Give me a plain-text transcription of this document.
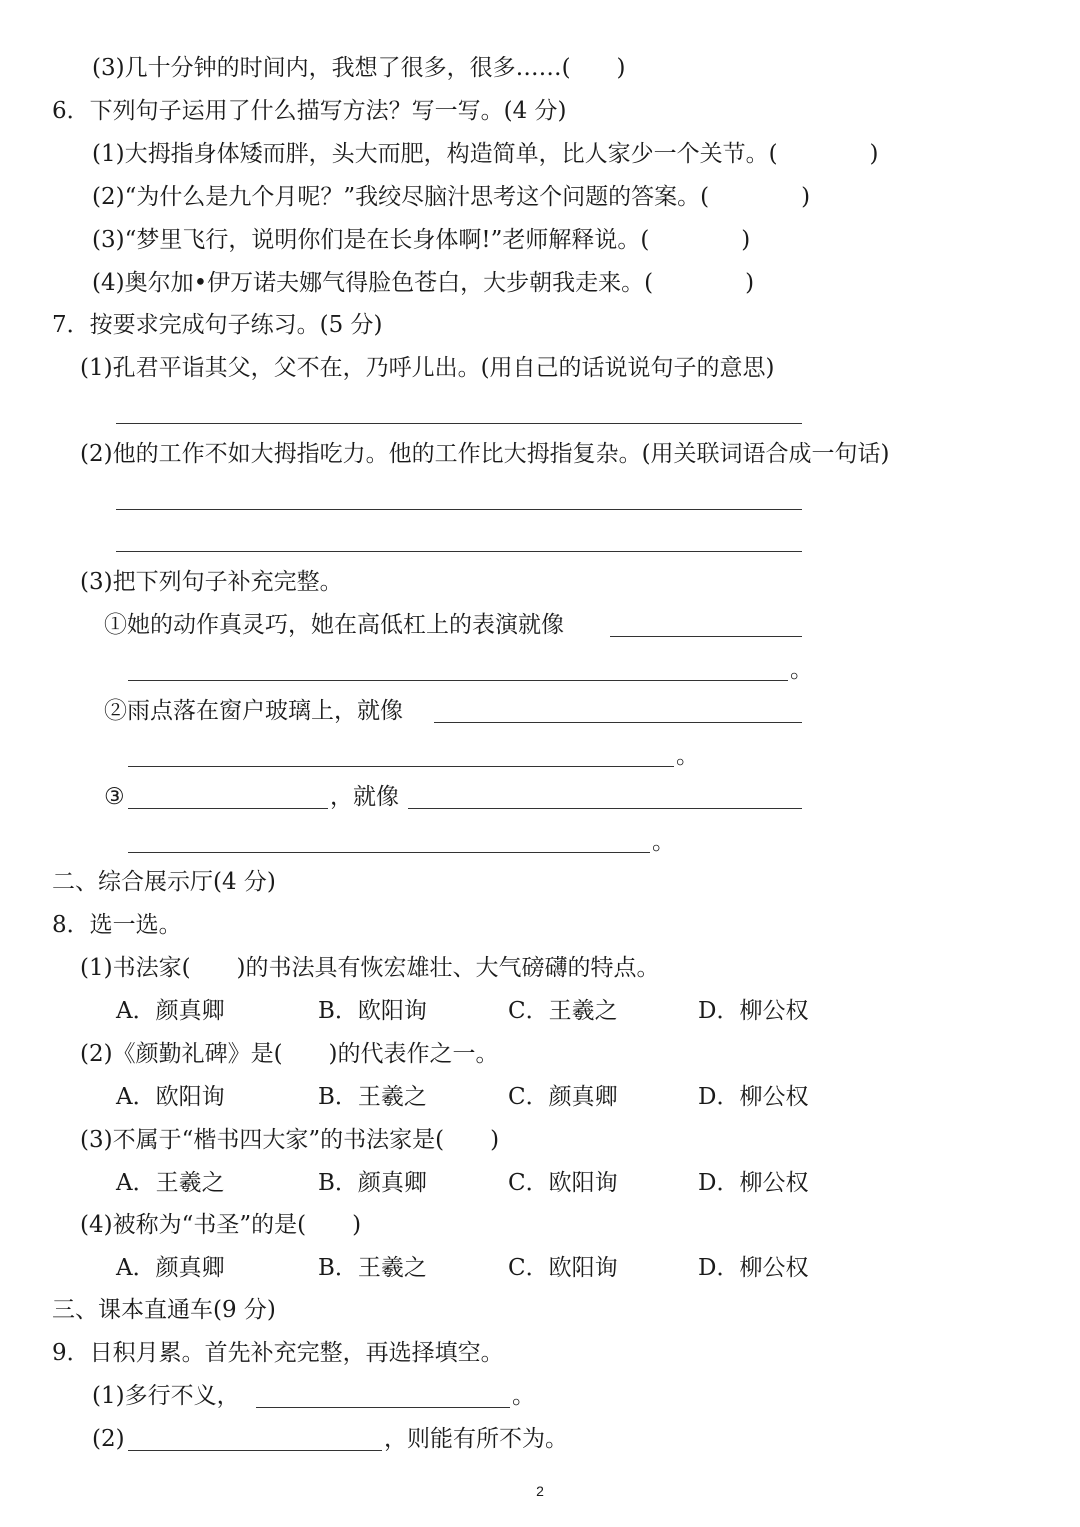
(3)几十分钟的时间内，我想了很多，很多……(　　)
6．下列句子运用了什么描写方法？写一写。(4 分)
(1)大拇指身体矮而胖，头大而肥，构造简单，比人家少一个关节。(　　　　)
(2)“为什么是九个月呢？”我绞尽脑汁思考这个问题的答案。(　　　　)
(3)“梦里飞行，说明你们是在长身体啊!”老师解释说。(　　　　)
(4)奥尔加•伊万诺夫娜气得脸色苍白，大步朝我走来。(　　　　)
7．按要求完成句子练习。(5 分)
(1)孔君平诣其父，父不在，乃呼儿出。(用自己的话说说句子的意思)
(2)他的工作不如大拇指吃力。他的工作比大拇指复杂。(用关联词语合成一句话)
(3)把下列句子补充完整。
①她的动作真灵巧，她在高低杠上的表演就像
。
②雨点落在窗户玻璃上，就像
。
③	，就像
。
二、综合展示厅(4 分)
8．选一选。
(1)书法家(　　)的书法具有恢宏雄壮、大气磅礴的特点。
A．颜真卿	B．欧阳询	C．王羲之	D．柳公权
(2)《颜勤礼碑》是(　　)的代表作之一。
A．欧阳询	B．王羲之	C．颜真卿	D．柳公权
(3)不属于“楷书四大家”的书法家是(　　)
A．王羲之	B．颜真卿	C．欧阳询	D．柳公权
(4)被称为“书圣”的是(　　)
A．颜真卿	B．王羲之	C．欧阳询	D．柳公权
三、课本直通车(9 分)
9．日积月累。首先补充完整，再选择填空。
(1)多行不义，	。
(2)	，则能有所不为。
2
